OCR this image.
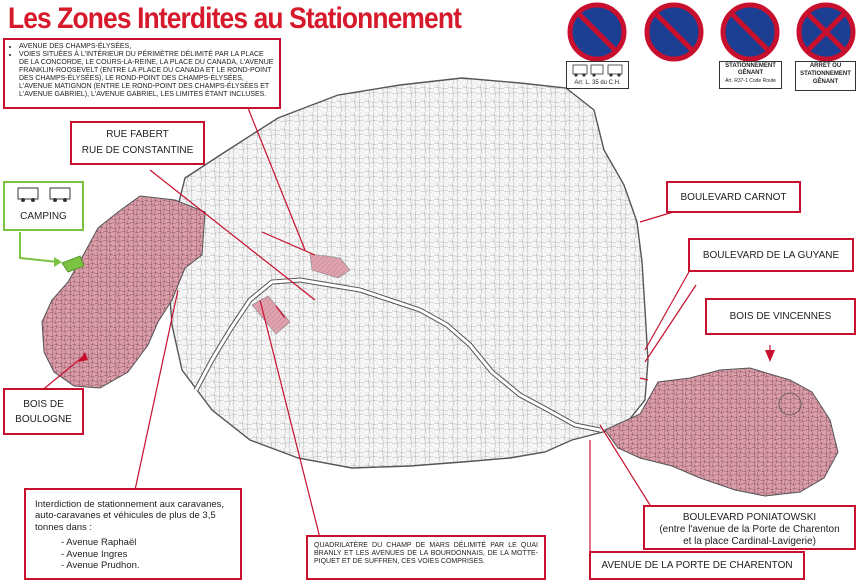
Les Zones Interdites au Stationnement
Arr. L. 35 du C.H.
STATIONNEMENT
GÊNANT
Art. R37-1 Code Route
ARRÊT OU
STATIONNEMENT
GÊNANT
• AVENUE DES CHAMPS-ÉLYSÉES,
• VOIES SITUÉES À L'INTÉRIEUR DU PÉRIMÈTRE DÉLIMITÉ PAR LA PLACE DE LA CONCORDE, LE COURS-LA-REINE, LA PLACE DU CANADA, L'AVENUE FRANKLIN-ROOSEVELT (ENTRE LA PLACE DU CANADA ET LE ROND-POINT DES CHAMPS-ÉLYSÉES), LE ROND-POINT DES CHAMPS-ÉLYSÉES, L'AVENUE MATIGNON (ENTRE LE ROND-POINT DES CHAMPS-ÉLYSÉES ET L'AVENUE GABRIEL), L'AVENUE GABRIEL, LES LIMITES ÉTANT INCLUSES.
RUE FABERT
RUE DE CONSTANTINE
CAMPING
BOULEVARD CARNOT
BOULEVARD DE LA GUYANE
BOIS DE VINCENNES
BOIS DE
BOULOGNE
Interdiction de stationnement aux caravanes, auto-caravanes et véhicules de plus de 3,5 tonnes dans :
- Avenue Raphaël
- Avenue Ingres
- Avenue Prudhon.
QUADRILATÈRE DU CHAMP DE MARS DÉLIMITÉ PAR LE QUAI BRANLY ET LES AVENUES DE LA BOURDONNAIS, DE LA MOTTE-PIQUET ET DE SUFFREN, CES VOIES COMPRISES.
BOULEVARD PONIATOWSKI
(entre l'avenue de la Porte de Charenton
et la place Cardinal-Lavigerie)
AVENUE DE LA PORTE DE CHARENTON
